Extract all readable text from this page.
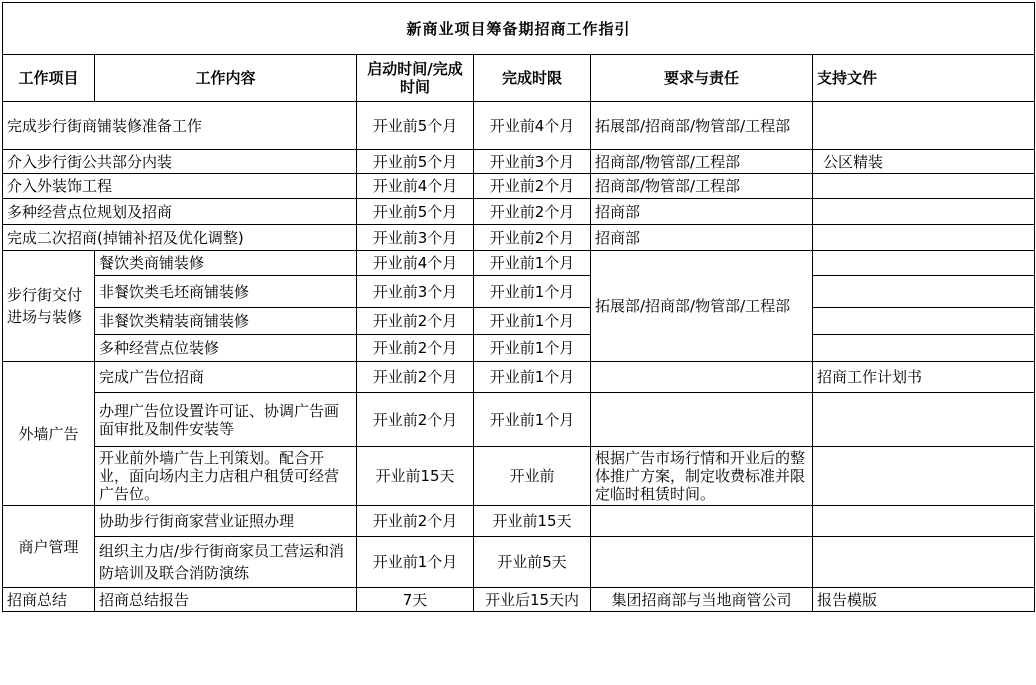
新商业项目筹备期招商工作指引					
工作项目	工作内容	启动时间/完成时间	完成时限	要求与责任	支持文件
完成步行街商铺装修准备工作		开业前5个月	开业前4个月	拓展部/招商部/物管部/工程部	
介入步行街公共部分内装		开业前5个月	开业前3个月	招商部/物管部/工程部	公区精装
介入外装饰工程		开业前4个月	开业前2个月	招商部/物管部/工程部	
多种经营点位规划及招商		开业前5个月	开业前2个月	招商部	
完成二次招商(掉铺补招及优化调整)		开业前3个月	开业前2个月	招商部	
步行街交付进场与装修	餐饮类商铺装修	开业前4个月	开业前1个月	拓展部/招商部/物管部/工程部	
	非餐饮类毛坯商铺装修	开业前3个月	开业前1个月		
	非餐饮类精装商铺装修	开业前2个月	开业前1个月		
	多种经营点位装修	开业前2个月	开业前1个月		
外墙广告	完成广告位招商	开业前2个月	开业前1个月		招商工作计划书
	办理广告位设置许可证、协调广告画面审批及制件安装等	开业前2个月	开业前1个月		
	开业前外墙广告上刊策划。配合开业，面向场内主力店租户租赁可经营广告位。	开业前15天	开业前	根据广告市场行情和开业后的整体推广方案，制定收费标准并限定临时租赁时间。	
商户管理	协助步行街商家营业证照办理	开业前2个月	开业前15天		
	组织主力店/步行街商家员工营运和消防培训及联合消防演练	开业前1个月	开业前5天		
招商总结	招商总结报告	7天	开业后15天内	集团招商部与当地商管公司	报告模版
